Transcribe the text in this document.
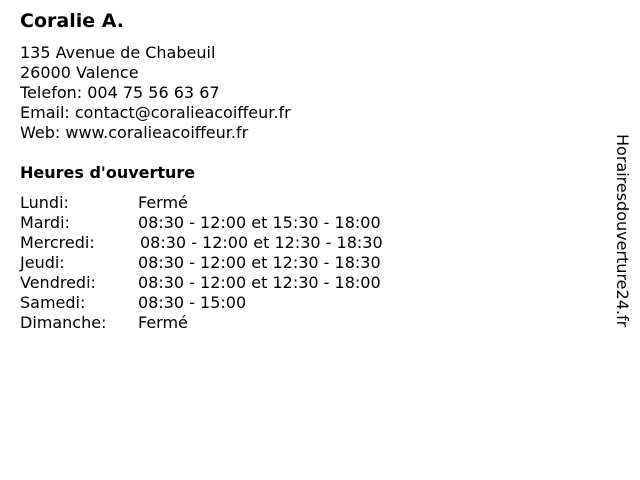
Coralie A.
135 Avenue de Chabeuil
26000 Valence
Telefon: 004 75 56 63 67
Email: contact@coralieacoiffeur.fr
Web: www.coralieacoiffeur.fr
Heures d'ouverture
Lundi:	Fermé
Mardi:	08:30 - 12:00 et 15:30 - 18:00
Mercredi:	08:30 - 12:00 et 12:30 - 18:30
Jeudi:	08:30 - 12:00 et 12:30 - 18:30
Vendredi:	08:30 - 12:00 et 12:30 - 18:00
Samedi:	08:30 - 15:00
Dimanche:	Fermé	Horairesdouverture24.fr
